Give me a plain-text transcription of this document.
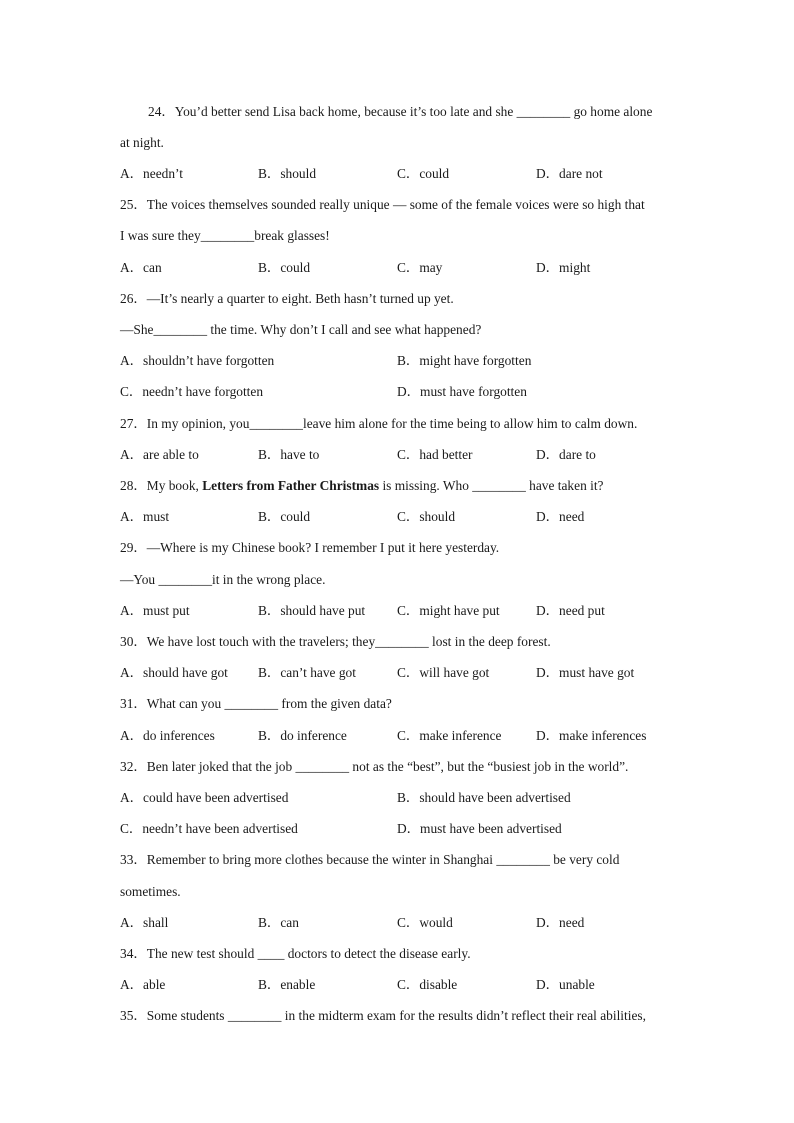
24．You’d better send Lisa back home, because it’s too late and she ________ go home alone
at night.
A．needn’t	B．should	C．could	D．dare not
25．The voices themselves sounded really unique — some of the female voices were so high that
I was sure they________break glasses!
A．can	B．could	C．may	D．might
26．—It’s nearly a quarter to eight. Beth hasn’t turned up yet.
—She________ the time. Why don’t I call and see what happened?
A．shouldn’t have forgotten	B．might have forgotten
C．needn’t have forgotten	D．must have forgotten
27．In my opinion, you________leave him alone for the time being to allow him to calm down.
A．are able to	B．have to	C．had better	D．dare to
28．My book, Letters from Father Christmas is missing. Who ________ have taken it?
A．must	B．could	C．should	D．need
29．—Where is my Chinese book? I remember I put it here yesterday.
—You ________it in the wrong place.
A．must put	B．should have put C．might have put	D．need put
30．We have lost touch with the travelers; they________ lost in the deep forest.
A．should have got B．can’t have got	C．will have got	D．must have got
31．What can you ________ from the given data?
A．do inferences	B．do inference	C．make inference	D．make inferences
32．Ben later joked that the job ________ not as the “best”, but the “busiest job in the world”.
A．could have been advertised	B．should have been advertised
C．needn’t have been advertised	D．must have been advertised
33．Remember to bring more clothes because the winter in Shanghai ________ be very cold
sometimes.
A．shall	B．can	C．would	D．need
34．The new test should ____ doctors to detect the disease early.
A．able	B．enable	C．disable	D．unable
35．Some students ________ in the midterm exam for the results didn’t reflect their real abilities,
